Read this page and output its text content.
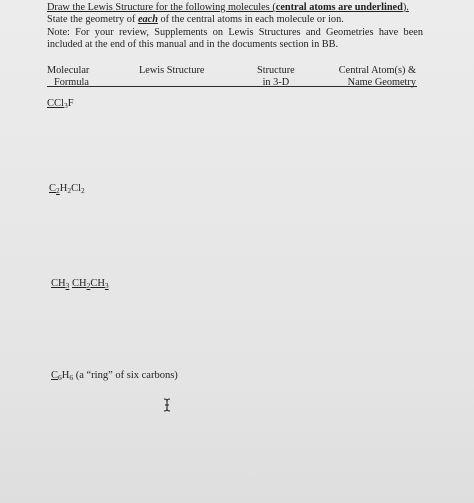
Draw the Lewis Structure for the following molecules (central atoms are underlined).

State the geometry of each of the central atoms in each molecule or ion.

Note: For your review, Supplements on Lewis Structures and Geometries have been included at the end of this manual and in the documents section in BB.

Molecular
Formula
Lewis Structure	Structure
in 3-D
Central Atom(s) &
Name Geometry
CCl$_3$F
$C_2H_2Cl_2$
$CH_3$ $CH_2CH_3$
$C_6H_6$ (a “ring” of six carbons)
